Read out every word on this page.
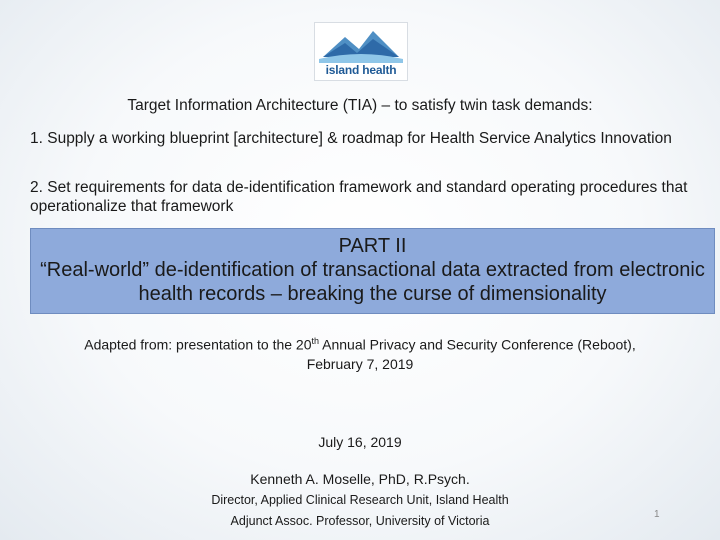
island health
Target Information Architecture (TIA) – to satisfy twin task demands:
1. Supply a working blueprint [architecture] & roadmap for Health Service Analytics Innovation
2. Set requirements for data de-identification framework and standard operating procedures that operationalize that framework
PART II
“Real-world” de-identification of transactional data extracted from electronic health records – breaking the curse of dimensionality
Adapted from: presentation to the 20th Annual Privacy and Security Conference (Reboot),
February 7, 2019
July 16, 2019
Kenneth A. Moselle, PhD, R.Psych.
Director, Applied Clinical Research Unit, Island Health
Adjunct Assoc. Professor, University of Victoria	1
